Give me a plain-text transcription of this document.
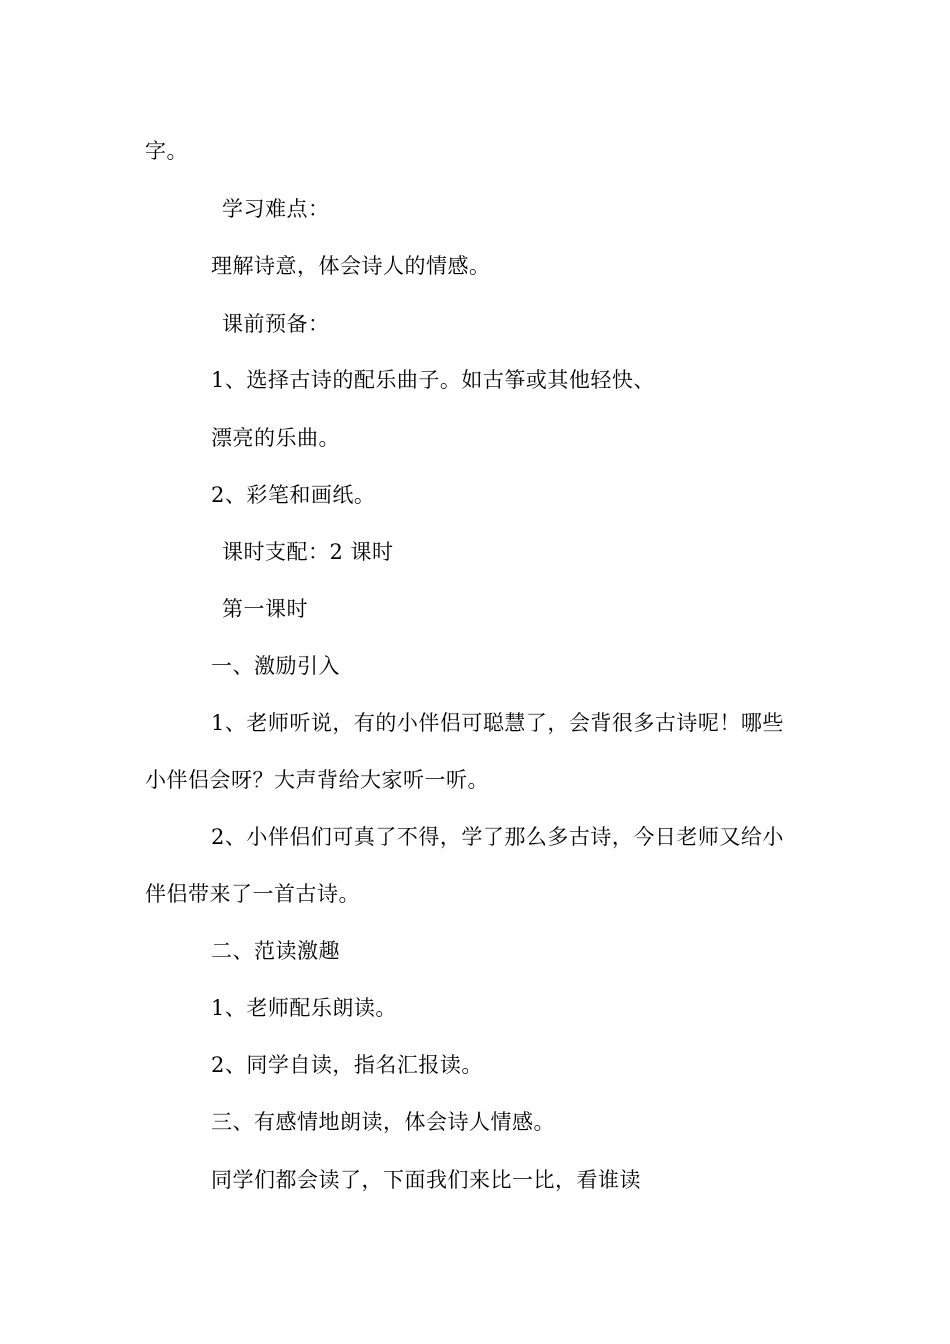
字。
学习难点：
理解诗意，体会诗人的情感。
课前预备：
1、选择古诗的配乐曲子。如古筝或其他轻快、
漂亮的乐曲。
2、彩笔和画纸。
课时支配：2 课时
第一课时
一、激励引入
1、老师听说，有的小伴侣可聪慧了，会背很多古诗呢！哪些
小伴侣会呀？大声背给大家听一听。
2、小伴侣们可真了不得，学了那么多古诗，今日老师又给小
伴侣带来了一首古诗。
二、范读激趣
1、老师配乐朗读。
2、同学自读，指名汇报读。
三、有感情地朗读，体会诗人情感。
同学们都会读了，下面我们来比一比，看谁读
